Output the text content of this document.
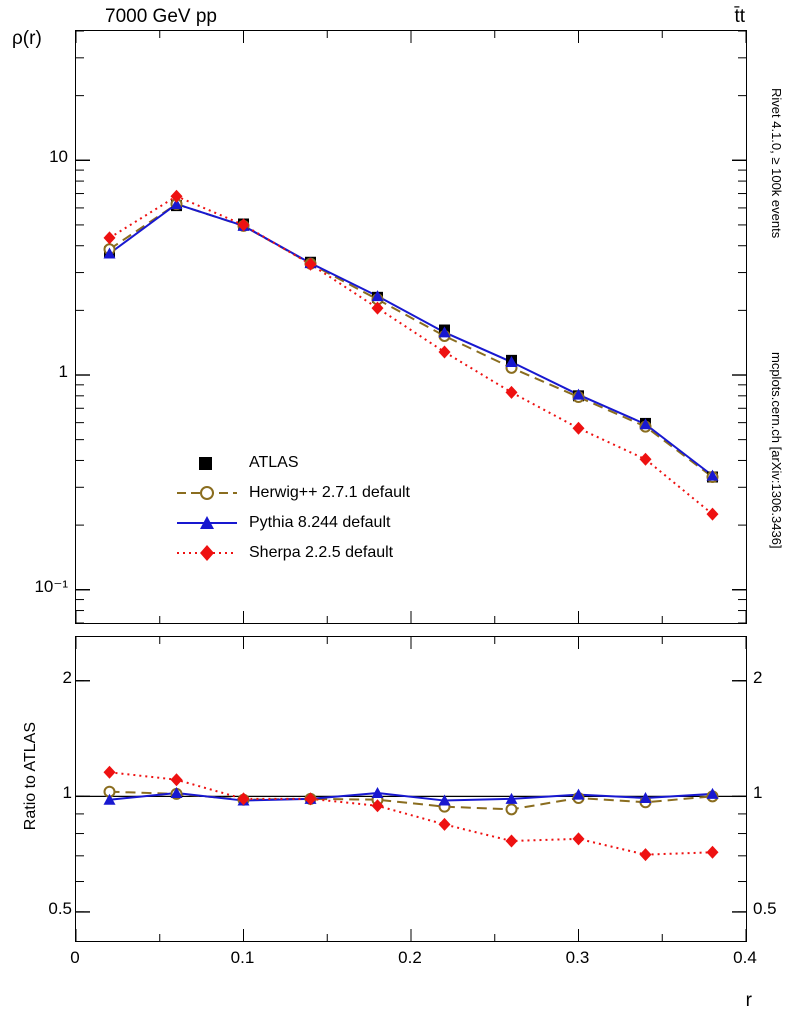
7000 GeV pp	t̄t
Rivet 4.1.0, ≥ 100k events
mcplots.cern.ch [arXiv:1306.3436]
ρ(r)
Ratio to ATLAS
r
ATLAS
Herwig++ 2.7.1 default
Pythia 8.244 default
Sherpa 2.2.5 default
10
1
10⁻¹
2	2
1	1
0.5	0.5
0	0.1	0.2	0.3	0.4
